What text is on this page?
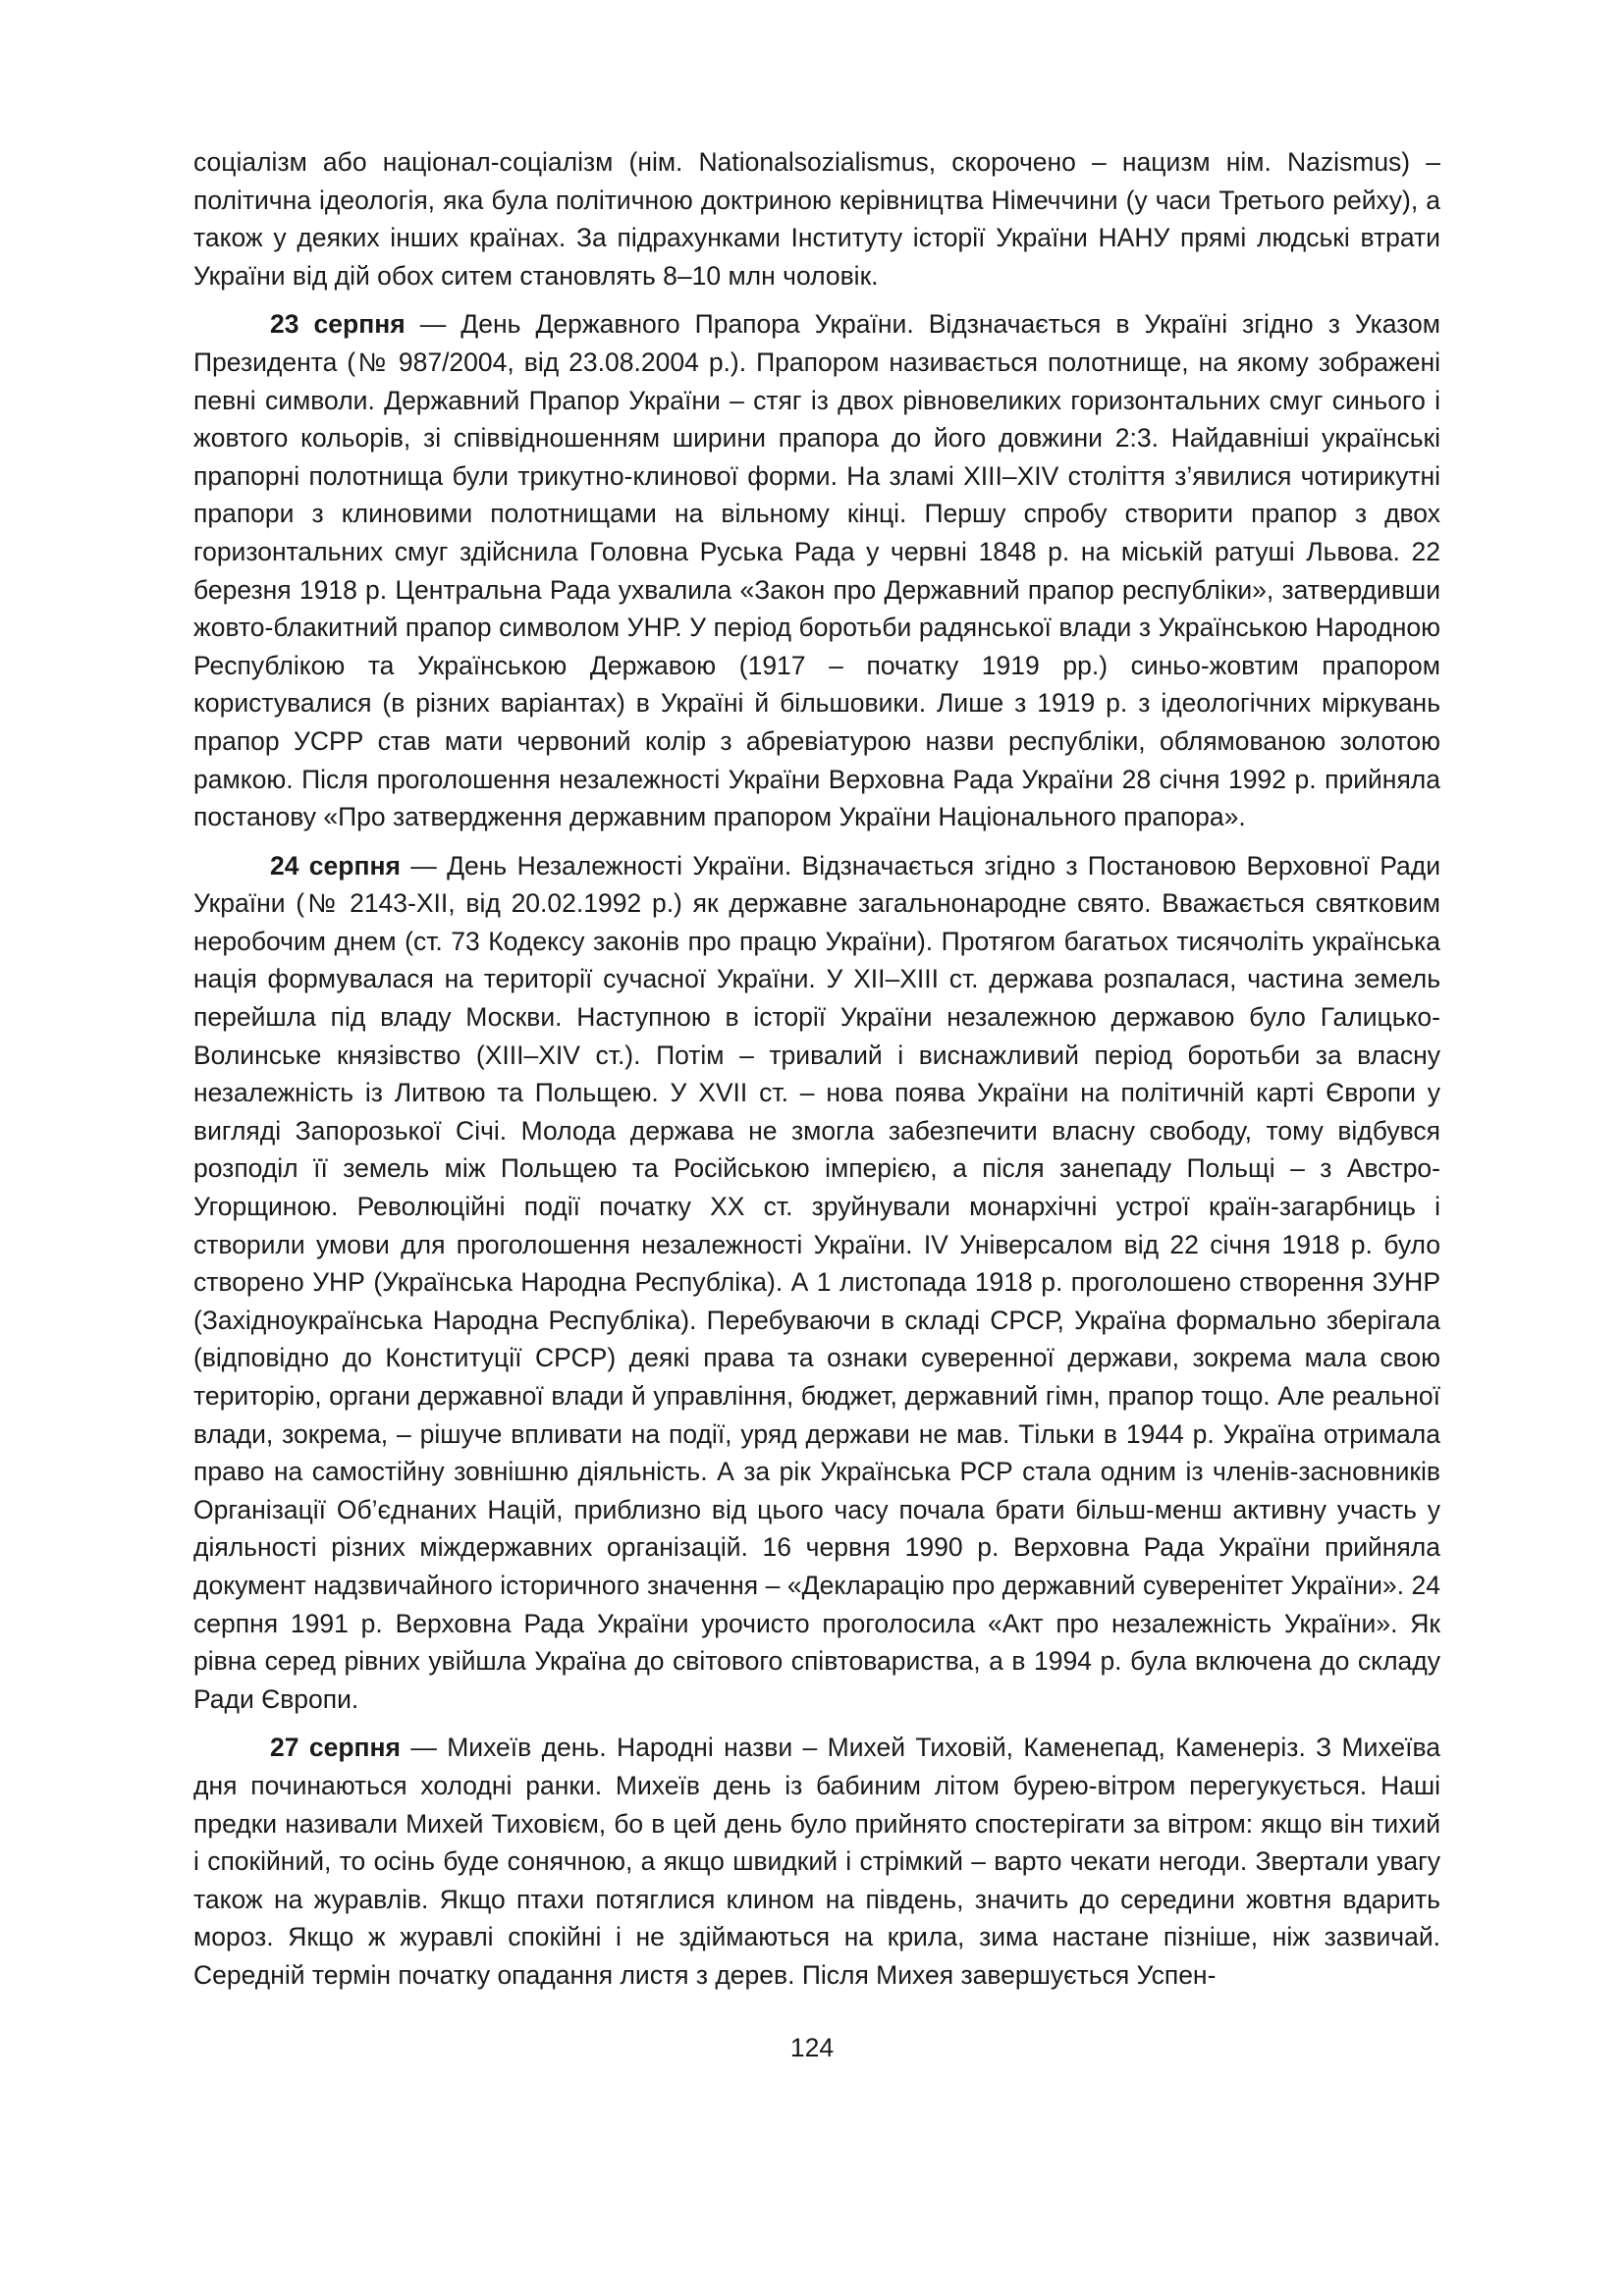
соціалізм або націонал-соціалізм (нім. Nationalsozialismus, скорочено – нацизм нім. Nazismus) – політична ідеологія, яка була політичною доктриною керівництва Німеччини (у часи Третього рейху), а також у деяких інших країнах. За підрахунками Інституту історії України НАНУ прямі людські втрати України від дій обох ситем становлять 8–10 млн чоловік.

23 серпня — День Державного Прапора України. Відзначається в Україні згідно з Указом Президента (№ 987/2004, від 23.08.2004 р.). Прапором називається полотнище, на якому зображені певні символи. Державний Прапор України – стяг із двох рівновеликих горизонтальних смуг синього і жовтого кольорів, зі співвідношенням ширини прапора до його довжини 2:3. Найдавніші українські прапорні полотнища були трикутно-клинової форми. На зламі XIII–XIV століття з’явилися чотирикутні прапори з клиновими полотнищами на вільному кінці. Першу спробу створити прапор з двох горизонтальних смуг здійснила Головна Руська Рада у червні 1848 р. на міській ратуші Львова. 22 березня 1918 р. Центральна Рада ухвалила «Закон про Державний прапор республіки», затвердивши жовто-блакитний прапор символом УНР. У період боротьби радянської влади з Українською Народною Республікою та Українською Державою (1917 – початку 1919 рр.) синьо-жовтим прапором користувалися (в різних варіантах) в Україні й більшовики. Лише з 1919 р. з ідеологічних міркувань прапор УСРР став мати червоний колір з абревіатурою назви республіки, облямованою золотою рамкою. Після проголошення незалежності України Верховна Рада України 28 січня 1992 р. прийняла постанову «Про затвердження державним прапором України Національного прапора».

24 серпня — День Незалежності України. Відзначається згідно з Постановою Верховної Ради України (№ 2143-XII, від 20.02.1992 р.) як державне загальнонародне свято. Вважається святковим неробочим днем (ст. 73 Кодексу законів про працю України). Протягом багатьох тисячоліть українська нація формувалася на території сучасної України. У XII–XIII ст. держава розпалася, частина земель перейшла під владу Москви. Наступною в історії України незалежною державою було Галицько-Волинське князівство (XIII–XIV ст.). Потім – тривалий і виснажливий період боротьби за власну незалежність із Литвою та Польщею. У XVII ст. – нова поява України на політичній карті Європи у вигляді Запорозької Січі. Молода держава не змогла забезпечити власну свободу, тому відбувся розподіл її земель між Польщею та Російською імперією, а після занепаду Польщі – з Австро-Угорщиною. Революційні події початку XX ст. зруйнували монархічні устрої країн-загарбниць і створили умови для проголошення незалежності України. IV Універсалом від 22 січня 1918 р. було створено УНР (Українська Народна Республіка). А 1 листопада 1918 р. проголошено створення ЗУНР (Західноукраїнська Народна Республіка). Перебуваючи в складі СРСР, Україна формально зберігала (відповідно до Конституції СРСР) деякі права та ознаки суверенної держави, зокрема мала свою територію, органи державної влади й управління, бюджет, державний гімн, прапор тощо. Але реальної влади, зокрема, – рішуче впливати на події, уряд держави не мав. Тільки в 1944 р. Україна отримала право на самостійну зовнішню діяльність. А за рік Українська РСР стала одним із членів-засновників Організації Об’єднаних Націй, приблизно від цього часу почала брати більш-менш активну участь у діяльності різних міждержавних організацій. 16 червня 1990 р. Верховна Рада України прийняла документ надзвичайного історичного значення – «Декларацію про державний суверенітет України». 24 серпня 1991 р. Верховна Рада України урочисто проголосила «Акт про незалежність України». Як рівна серед рівних увійшла Україна до світового співтовариства, а в 1994 р. була включена до складу Ради Європи.

27 серпня — Михеїв день. Народні назви – Михей Тиховій, Каменепад, Каменеріз. З Михеїва дня починаються холодні ранки. Михеїв день із бабиним літом бурею-вітром перегукується. Наші предки називали Михей Тиховієм, бо в цей день було прийнято спостерігати за вітром: якщо він тихий і спокійний, то осінь буде сонячною, а якщо швидкий і стрімкий – варто чекати негоди. Звертали увагу також на журавлів. Якщо птахи потяглися клином на південь, значить до середини жовтня вдарить мороз. Якщо ж журавлі спокійні і не здіймаються на крила, зима настане пізніше, ніж зазвичай. Середній термін початку опадання листя з дерев. Після Михея завершується Успен-

124
